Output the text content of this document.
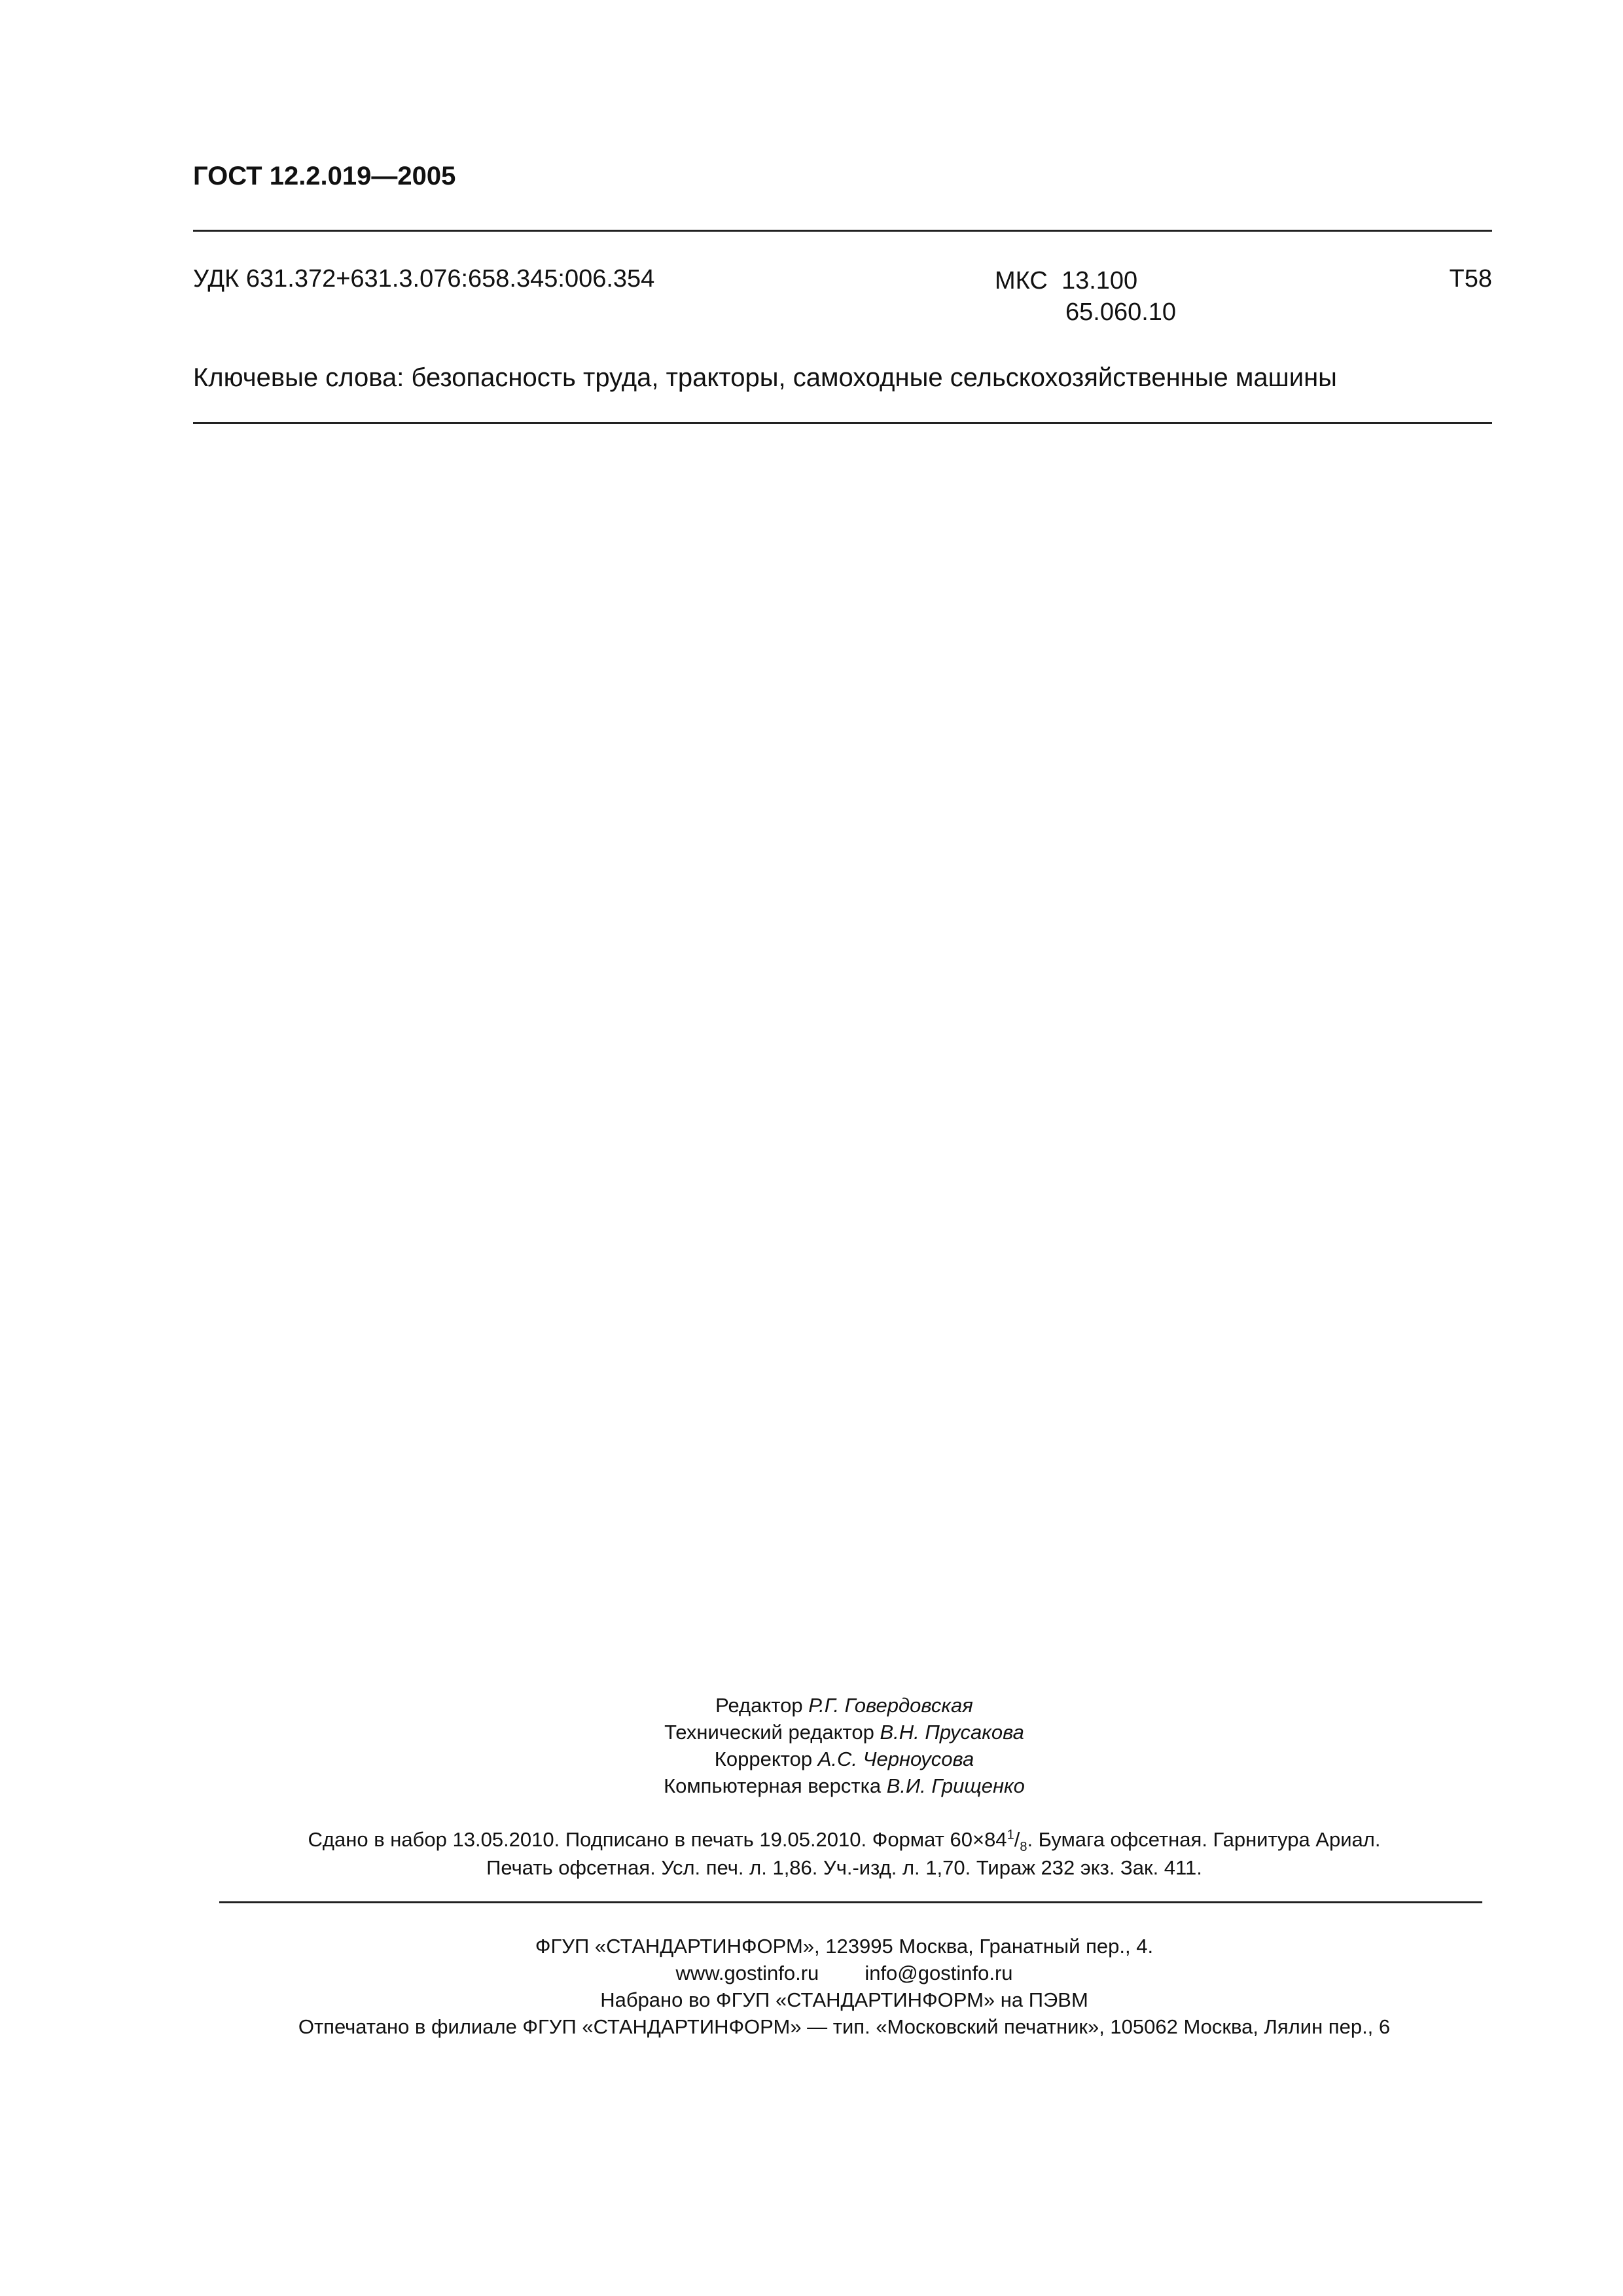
ГОСТ 12.2.019—2005
УДК 631.372+631.3.076:658.345:006.354	МКС 13.100
65.060.10
Т58
Ключевые слова: безопасность труда, тракторы, самоходные сельскохозяйственные машины
Редактор Р.Г. Говердовская
Технический редактор В.Н. Прусакова
Корректор А.С. Черноусова
Компьютерная верстка В.И. Грищенко
Сдано в набор 13.05.2010. Подписано в печать 19.05.2010. Формат $60\times 84^1/_8$. Бумага офсетная. Гарнитура Ариал.
Печать офсетная. Усл. печ. л. 1,86. Уч.-изд. л. 1,70. Тираж 232 экз. Зак. 411.
ФГУП «СТАНДАРТИНФОРМ», 123995 Москва, Гранатный пер., 4.
www.gostinfo.ru info@gostinfo.ru
Набрано во ФГУП «СТАНДАРТИНФОРМ» на ПЭВМ
Отпечатано в филиале ФГУП «СТАНДАРТИНФОРМ» — тип. «Московский печатник», 105062 Москва, Лялин пер., 6
